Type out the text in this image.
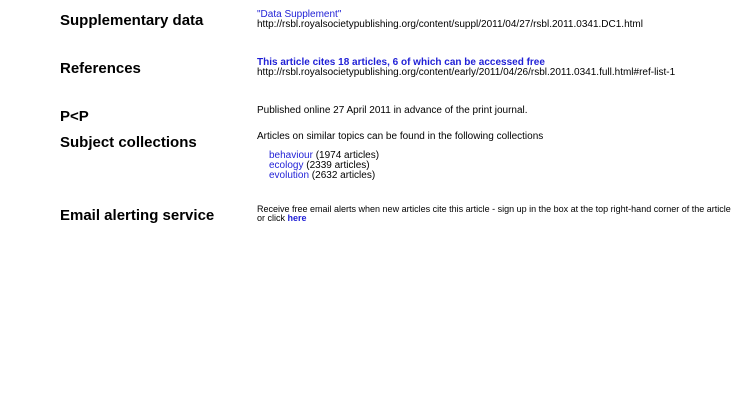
Supplementary data	"Data Supplement"
http://rsbl.royalsocietypublishing.org/content/suppl/2011/04/27/rsbl.2011.0341.DC1.html
References	This article cites 18 articles, 6 of which can be accessed free
http://rsbl.royalsocietypublishing.org/content/early/2011/04/26/rsbl.2011.0341.full.html#ref-list-1
P<P	Published online 27 April 2011 in advance of the print journal.
Subject collections	Articles on similar topics can be found in the following collections
behaviour (1974 articles)
ecology (2339 articles)
evolution (2632 articles)
Email alerting service	Receive free email alerts when new articles cite this article - sign up in the box at the top right-hand corner of the article or click here
